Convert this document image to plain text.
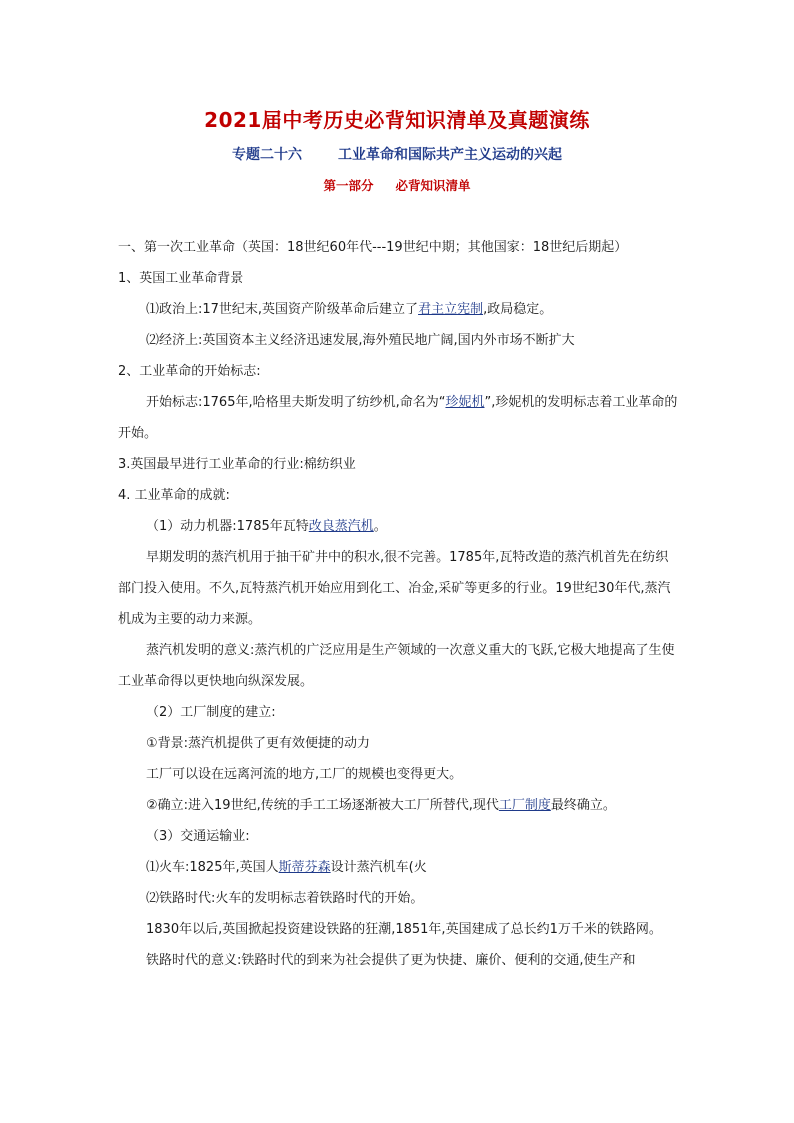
2021届中考历史必背知识清单及真题演练
专题二十六	工业革命和国际共产主义运动的兴起
第一部分 必背知识清单
一、第一次工业革命（英国：18世纪60年代---19世纪中期；其他国家：18世纪后期起）
1、英国工业革命背景
⑴政治上:17世纪末,英国资产阶级革命后建立了君主立宪制,政局稳定。
⑵经济上:英国资本主义经济迅速发展,海外殖民地广阔,国内外市场不断扩大
2、工业革命的开始标志:
开始标志:1765年,哈格里夫斯发明了纺纱机,命名为“珍妮机”,珍妮机的发明标志着工业革命的开始。
3.英国最早进行工业革命的行业:棉纺织业
4. 工业革命的成就:
（1）动力机器:1785年瓦特改良蒸汽机。
早期发明的蒸汽机用于抽干矿井中的积水,很不完善。1785年,瓦特改造的蒸汽机首先在纺织部门投入使用。不久,瓦特蒸汽机开始应用到化工、冶金,采矿等更多的行业。19世纪30年代,蒸汽机成为主要的动力来源。
蒸汽机发明的意义:蒸汽机的广泛应用是生产领域的一次意义重大的飞跃,它极大地提高了生使工业革命得以更快地向纵深发展。
（2）工厂制度的建立:
①背景:蒸汽机提供了更有效便捷的动力
工厂可以设在远离河流的地方,工厂的规模也变得更大。
②确立:进入19世纪,传统的手工工场逐渐被大工厂所替代,现代工厂制度最终确立。
（3）交通运输业:
⑴火车:1825年,英国人斯蒂芬森设计蒸汽机车(火
⑵铁路时代:火车的发明标志着铁路时代的开始。
1830年以后,英国掀起投资建设铁路的狂潮,1851年,英国建成了总长约1万千米的铁路网。
铁路时代的意义:铁路时代的到来为社会提供了更为快捷、廉价、便利的交通,使生产和
